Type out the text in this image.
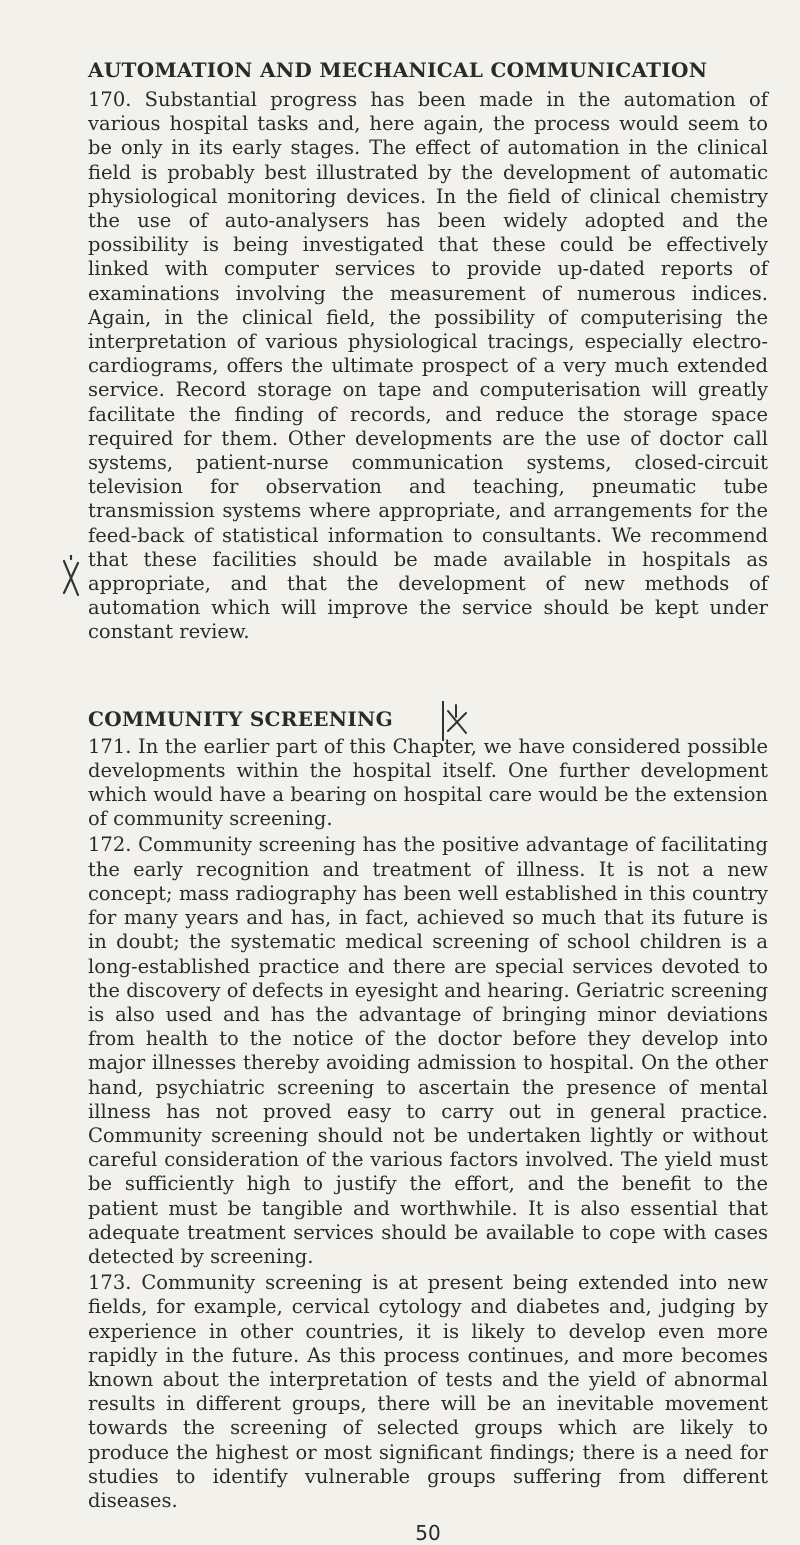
AUTOMATION AND MECHANICAL COMMUNICATION

170. Substantial progress has been made in the automation of various hospital tasks and, here again, the process would seem to be only in its early stages. The effect of automation in the clinical field is probably best illustrated by the development of automatic physiological monitoring devices. In the field of clinical chemistry the use of auto-analysers has been widely adopted and the possibility is being investigated that these could be effectively linked with computer services to provide up-dated reports of examinations involving the measurement of numerous indices. Again, in the clinical field, the possibility of computerising the interpretation of various physiological tracings, especially electro-cardiograms, offers the ultimate prospect of a very much extended service. Record storage on tape and computerisation will greatly facilitate the finding of records, and reduce the storage space required for them. Other developments are the use of doctor call systems, patient-nurse communication systems, closed-circuit television for observation and teaching, pneumatic tube transmission systems where appropriate, and arrangements for the feed-back of statistical information to consultants. We recommend that these facilities should be made available in hospitals as appropriate, and that the development of new methods of automation which will improve the service should be kept under constant review.

COMMUNITY SCREENING

171. In the earlier part of this Chapter, we have considered possible developments within the hospital itself. One further development which would have a bearing on hospital care would be the extension of community screening.

172. Community screening has the positive advantage of facilitating the early recognition and treatment of illness. It is not a new concept; mass radiography has been well established in this country for many years and has, in fact, achieved so much that its future is in doubt; the systematic medical screening of school children is a long-established practice and there are special services devoted to the discovery of defects in eyesight and hearing. Geriatric screening is also used and has the advantage of bringing minor deviations from health to the notice of the doctor before they develop into major illnesses thereby avoiding admission to hospital. On the other hand, psychiatric screening to ascertain the presence of mental illness has not proved easy to carry out in general practice. Community screening should not be undertaken lightly or without careful consideration of the various factors involved. The yield must be sufficiently high to justify the effort, and the benefit to the patient must be tangible and worthwhile. It is also essential that adequate treatment services should be available to cope with cases detected by screening.

173. Community screening is at present being extended into new fields, for example, cervical cytology and diabetes and, judging by experience in other countries, it is likely to develop even more rapidly in the future. As this process continues, and more becomes known about the interpretation of tests and the yield of abnormal results in different groups, there will be an inevitable movement towards the screening of selected groups which are likely to produce the highest or most significant findings; there is a need for studies to identify vulnerable groups suffering from different diseases.

50
